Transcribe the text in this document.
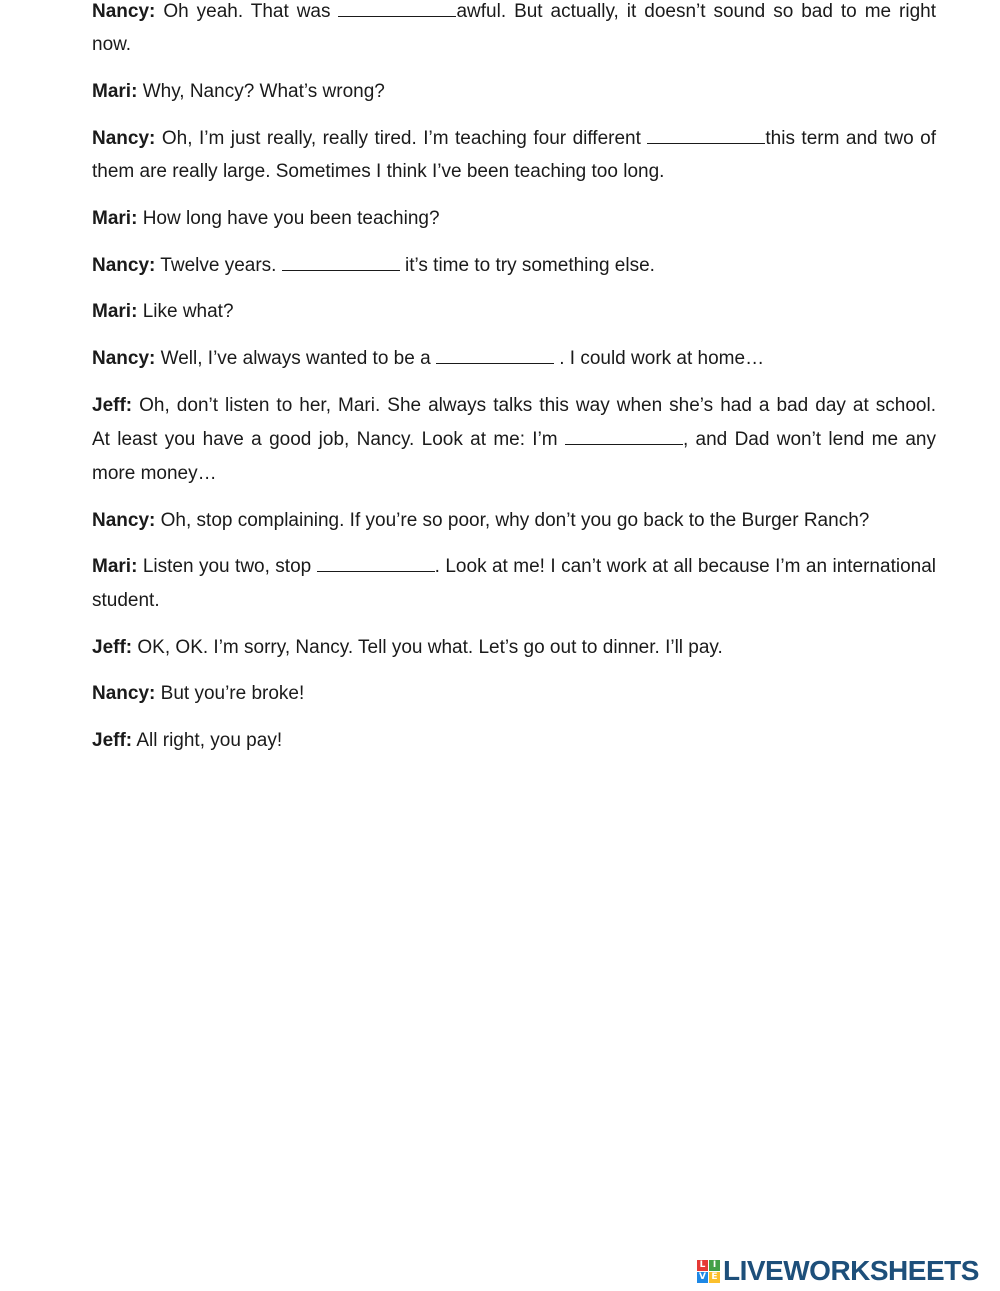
Nancy: Oh yeah. That was	awful. But actually, it doesn’t sound so bad to me right
now.
Mari: Why, Nancy? What’s wrong?
Nancy: Oh, I’m just really, really tired. I’m teaching four different	this term and two of
them are really large. Sometimes I think I’ve been teaching too long.
Mari: How long have you been teaching?
Nancy: Twelve years.	it’s time to try something else.
Mari: Like what?
Nancy: Well, I’ve always wanted to be a	. I could work at home…
Jeff: Oh, don’t listen to her, Mari. She always talks this way when she’s had a bad day at school.
At least you have a good job, Nancy. Look at me: I’m	, and Dad won’t lend me any
more money…
Nancy: Oh, stop complaining. If you’re so poor, why don’t you go back to the Burger Ranch?
Mari: Listen you two, stop	. Look at me! I can’t work at all because I’m an international
student.
Jeff: OK, OK. I’m sorry, Nancy. Tell you what. Let’s go out to dinner. I’ll pay.
Nancy: But you’re broke!
Jeff: All right, you pay!
L I
V E LIVEWORKSHEETS
